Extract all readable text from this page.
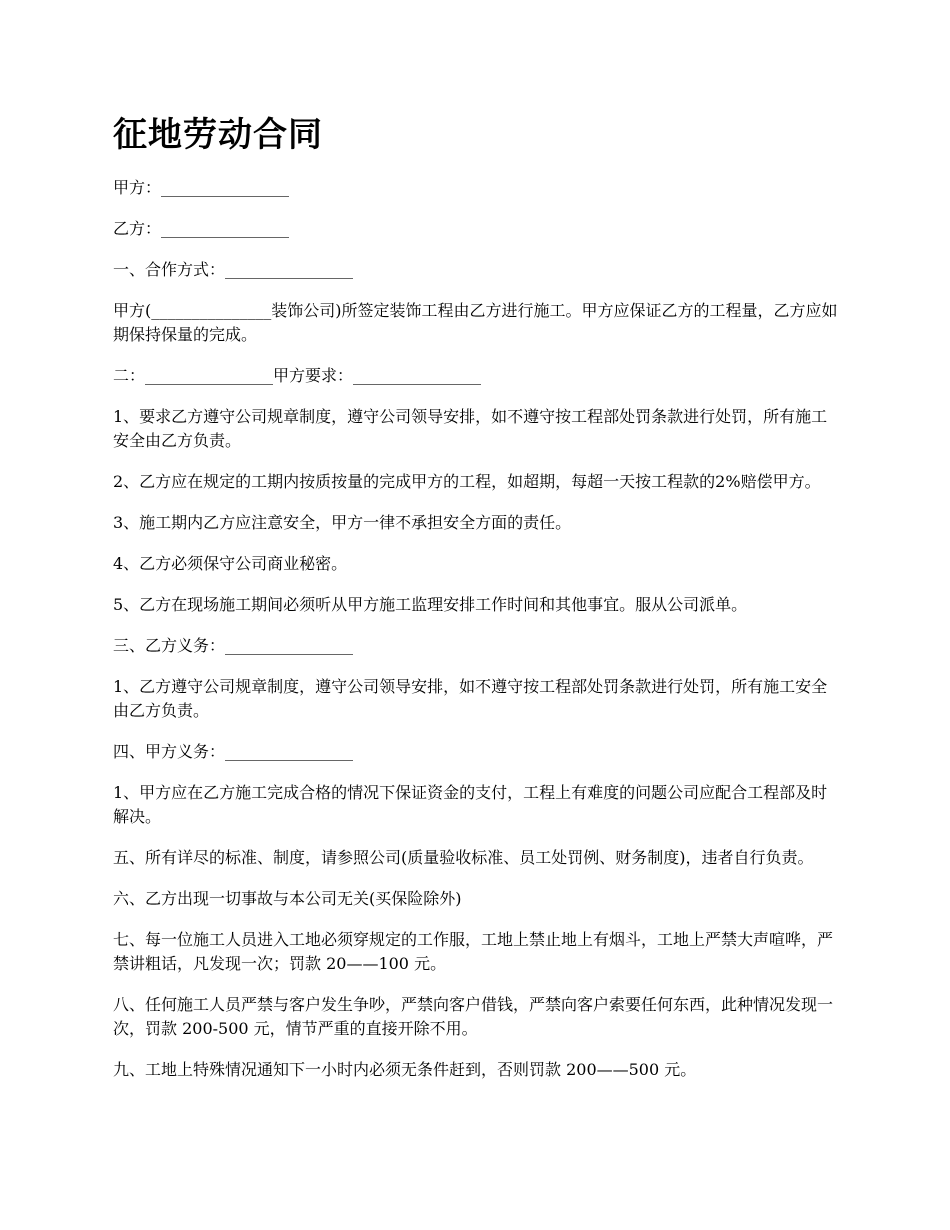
征地劳动合同

甲方：________________

乙方：________________

一、合作方式：________________

甲方(_______________装饰公司)所签定装饰工程由乙方进行施工。甲方应保证乙方的工程量，乙方应如期保持保量的完成。

二：________________甲方要求：________________

1、要求乙方遵守公司规章制度，遵守公司领导安排，如不遵守按工程部处罚条款进行处罚，所有施工安全由乙方负责。

2、乙方应在规定的工期内按质按量的完成甲方的工程，如超期，每超一天按工程款的2%赔偿甲方。

3、施工期内乙方应注意安全，甲方一律不承担安全方面的责任。

4、乙方必须保守公司商业秘密。

5、乙方在现场施工期间必须听从甲方施工监理安排工作时间和其他事宜。服从公司派单。

三、乙方义务：________________

1、乙方遵守公司规章制度，遵守公司领导安排，如不遵守按工程部处罚条款进行处罚，所有施工安全由乙方负责。

四、甲方义务：________________

1、甲方应在乙方施工完成合格的情况下保证资金的支付，工程上有难度的问题公司应配合工程部及时解决。

五、所有详尽的标准、制度，请参照公司(质量验收标准、员工处罚例、财务制度)，违者自行负责。

六、乙方出现一切事故与本公司无关(买保险除外)

七、每一位施工人员进入工地必须穿规定的工作服，工地上禁止地上有烟斗，工地上严禁大声喧哗，严禁讲粗话，凡发现一次；罚款 20——100 元。

八、任何施工人员严禁与客户发生争吵，严禁向客户借钱，严禁向客户索要任何东西，此种情况发现一次，罚款 200-500 元，情节严重的直接开除不用。

九、工地上特殊情况通知下一小时内必须无条件赶到，否则罚款 200——500 元。
